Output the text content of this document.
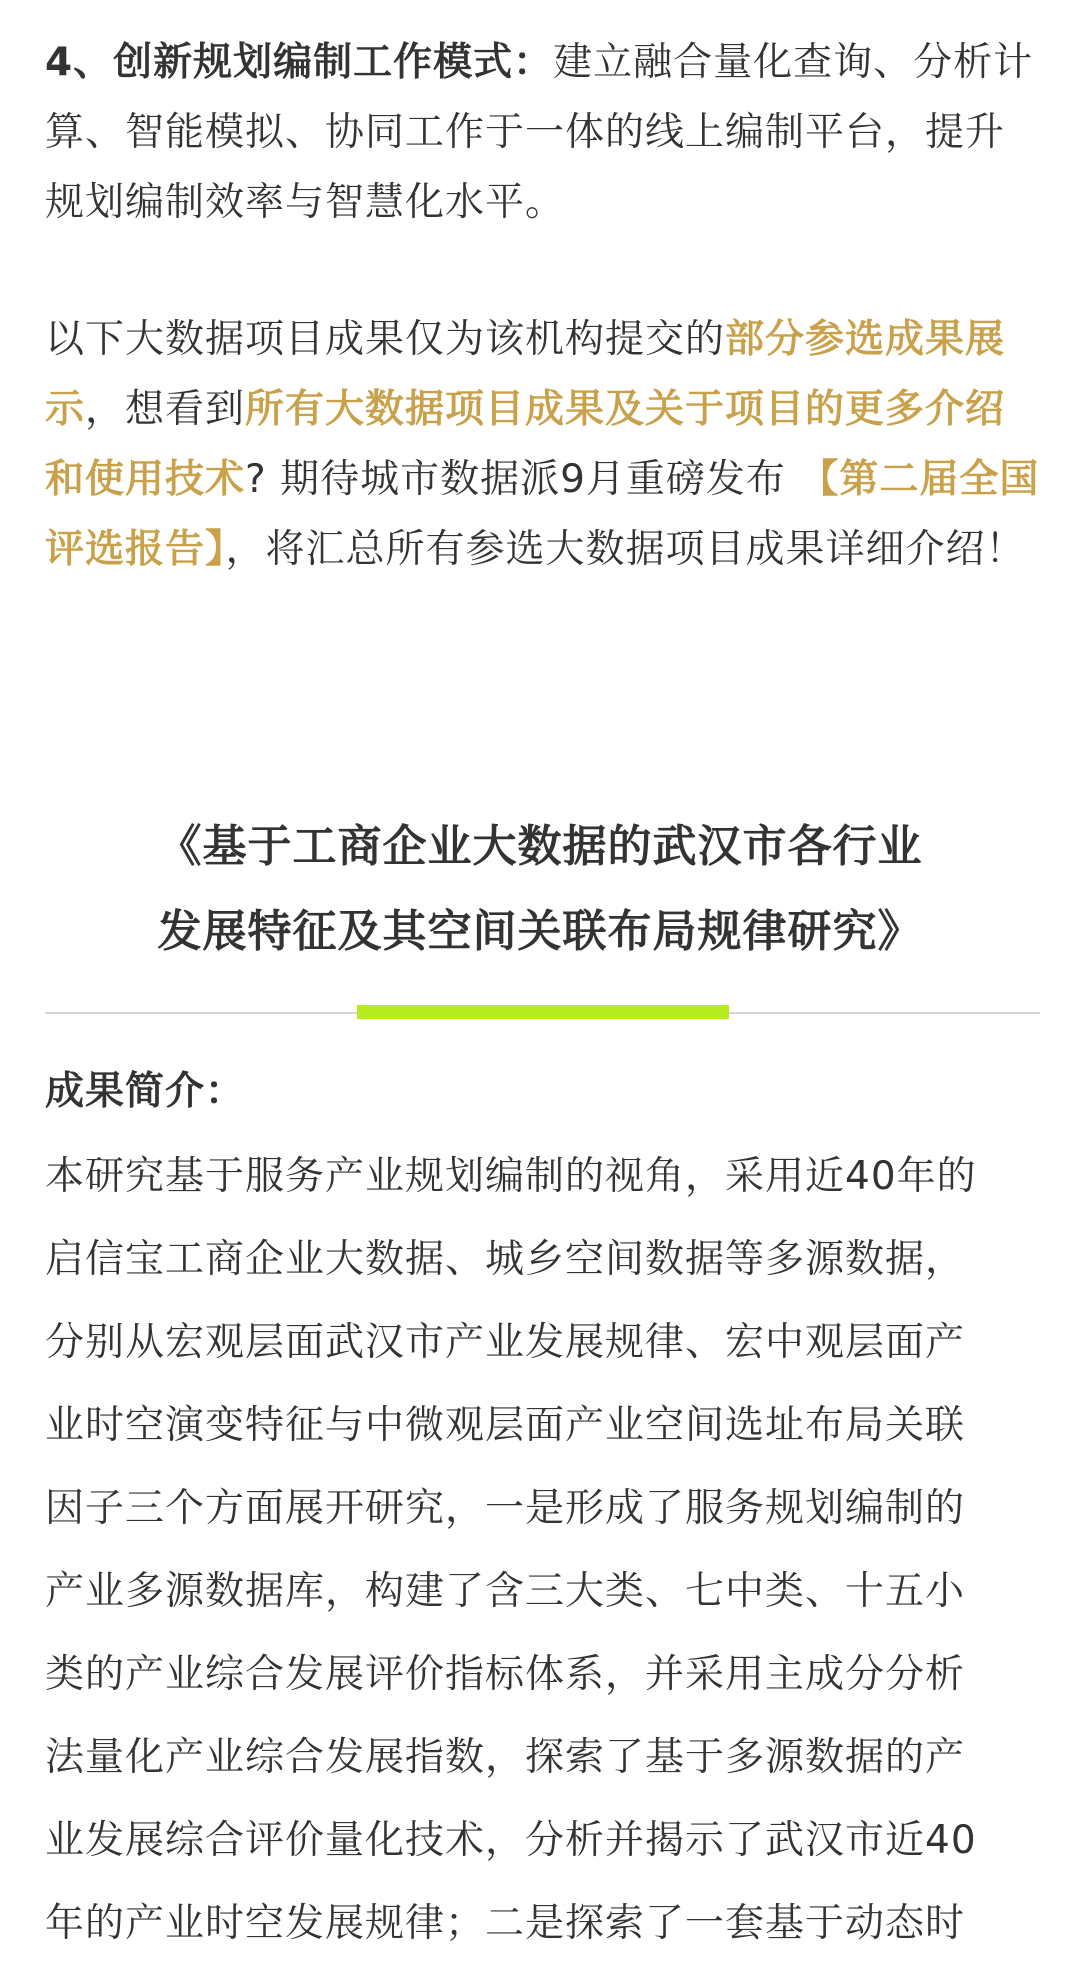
4、创新规划编制工作模式：建立融合量化查询、分析计算、智能模拟、协同工作于一体的线上编制平台，提升规划编制效率与智慧化水平。
以下大数据项目成果仅为该机构提交的部分参选成果展示，想看到所有大数据项目成果及关于项目的更多介绍和使用技术? 期待城市数据派9月重磅发布 【第二届全国评选报告】，将汇总所有参选大数据项目成果详细介绍！
《基于工商企业大数据的武汉市各行业
发展特征及其空间关联布局规律研究》
成果简介：
本研究基于服务产业规划编制的视角，采用近40年的
启信宝工商企业大数据、城乡空间数据等多源数据，
分别从宏观层面武汉市产业发展规律、宏中观层面产
业时空演变特征与中微观层面产业空间选址布局关联
因子三个方面展开研究，一是形成了服务规划编制的
产业多源数据库，构建了含三大类、七中类、十五小
类的产业综合发展评价指标体系，并采用主成分分析
法量化产业综合发展指数，探索了基于多源数据的产
业发展综合评价量化技术，分析并揭示了武汉市近40
年的产业时空发展规律；二是探索了一套基于动态时
